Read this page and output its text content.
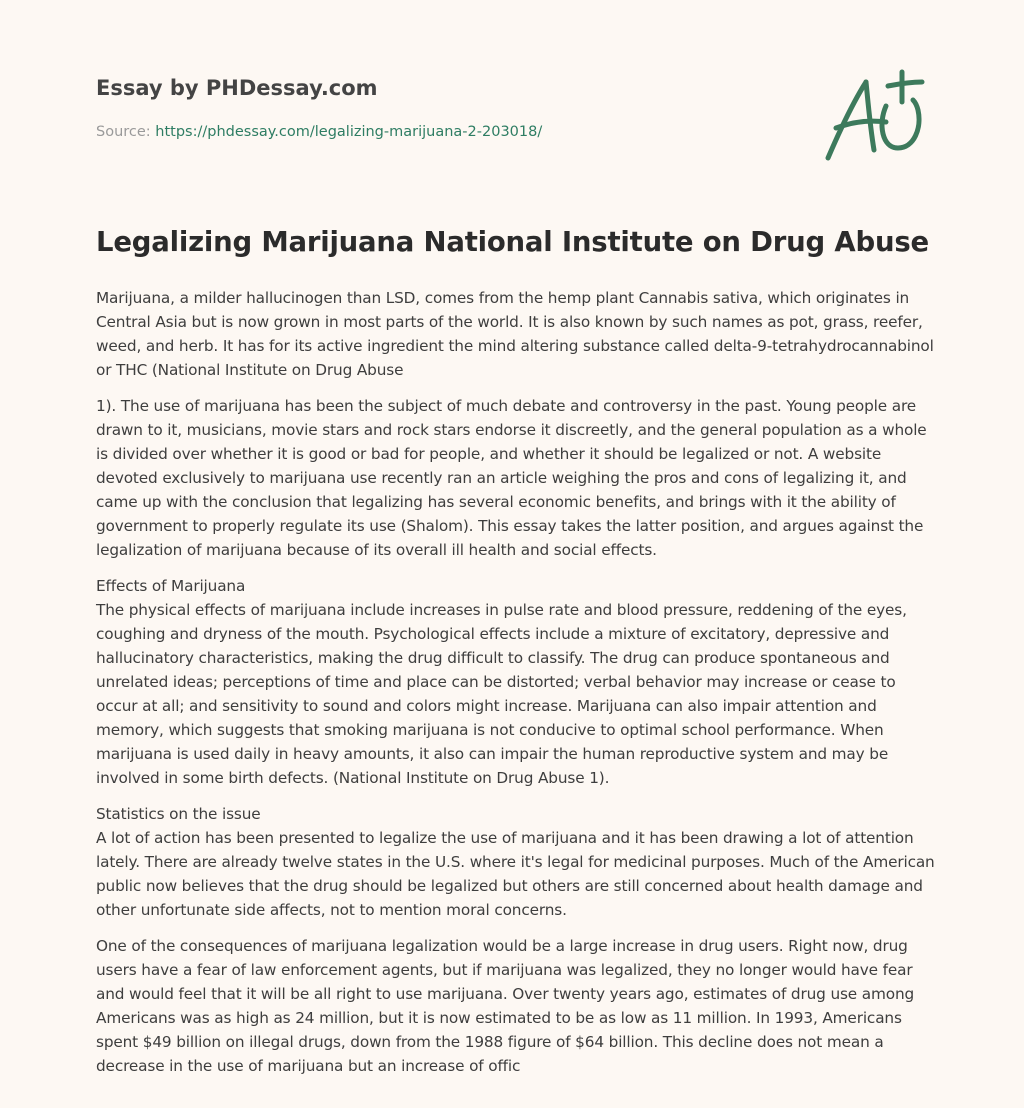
Essay by PHDessay.com

Source: https://phdessay.com/legalizing-marijuana-2-203018/

Legalizing Marijuana National Institute on Drug Abuse

Marijuana, a milder hallucinogen than LSD, comes from the hemp plant Cannabis sativa, which originates in Central Asia but is now grown in most parts of the world. It is also known by such names as pot, grass, reefer, weed, and herb. It has for its active ingredient the mind altering substance called delta-9-tetrahydrocannabinol or THC (National Institute on Drug Abuse

1). The use of marijuana has been the subject of much debate and controversy in the past. Young people are drawn to it, musicians, movie stars and rock stars endorse it discreetly, and the general population as a whole is divided over whether it is good or bad for people, and whether it should be legalized or not. A website devoted exclusively to marijuana use recently ran an article weighing the pros and cons of legalizing it, and came up with the conclusion that legalizing has several economic benefits, and brings with it the ability of government to properly regulate its use (Shalom). This essay takes the latter position, and argues against the legalization of marijuana because of its overall ill health and social effects.

Effects of Marijuana
The physical effects of marijuana include increases in pulse rate and blood pressure, reddening of the eyes, coughing and dryness of the mouth. Psychological effects include a mixture of excitatory, depressive and hallucinatory characteristics, making the drug difficult to classify. The drug can produce spontaneous and unrelated ideas; perceptions of time and place can be distorted; verbal behavior may increase or cease to occur at all; and sensitivity to sound and colors might increase. Marijuana can also impair attention and memory, which suggests that smoking marijuana is not conducive to optimal school performance. When marijuana is used daily in heavy amounts, it also can impair the human reproductive system and may be involved in some birth defects. (National Institute on Drug Abuse 1).

Statistics on the issue
A lot of action has been presented to legalize the use of marijuana and it has been drawing a lot of attention lately. There are already twelve states in the U.S. where it's legal for medicinal purposes. Much of the American public now believes that the drug should be legalized but others are still concerned about health damage and other unfortunate side affects, not to mention moral concerns.

One of the consequences of marijuana legalization would be a large increase in drug users. Right now, drug users have a fear of law enforcement agents, but if marijuana was legalized, they no longer would have fear and would feel that it will be all right to use marijuana. Over twenty years ago, estimates of drug use among Americans was as high as 24 million, but it is now estimated to be as low as 11 million. In 1993, Americans spent $49 billion on illegal drugs, down from the 1988 figure of $64 billion. This decline does not mean a decrease in the use of marijuana but an increase of offic
